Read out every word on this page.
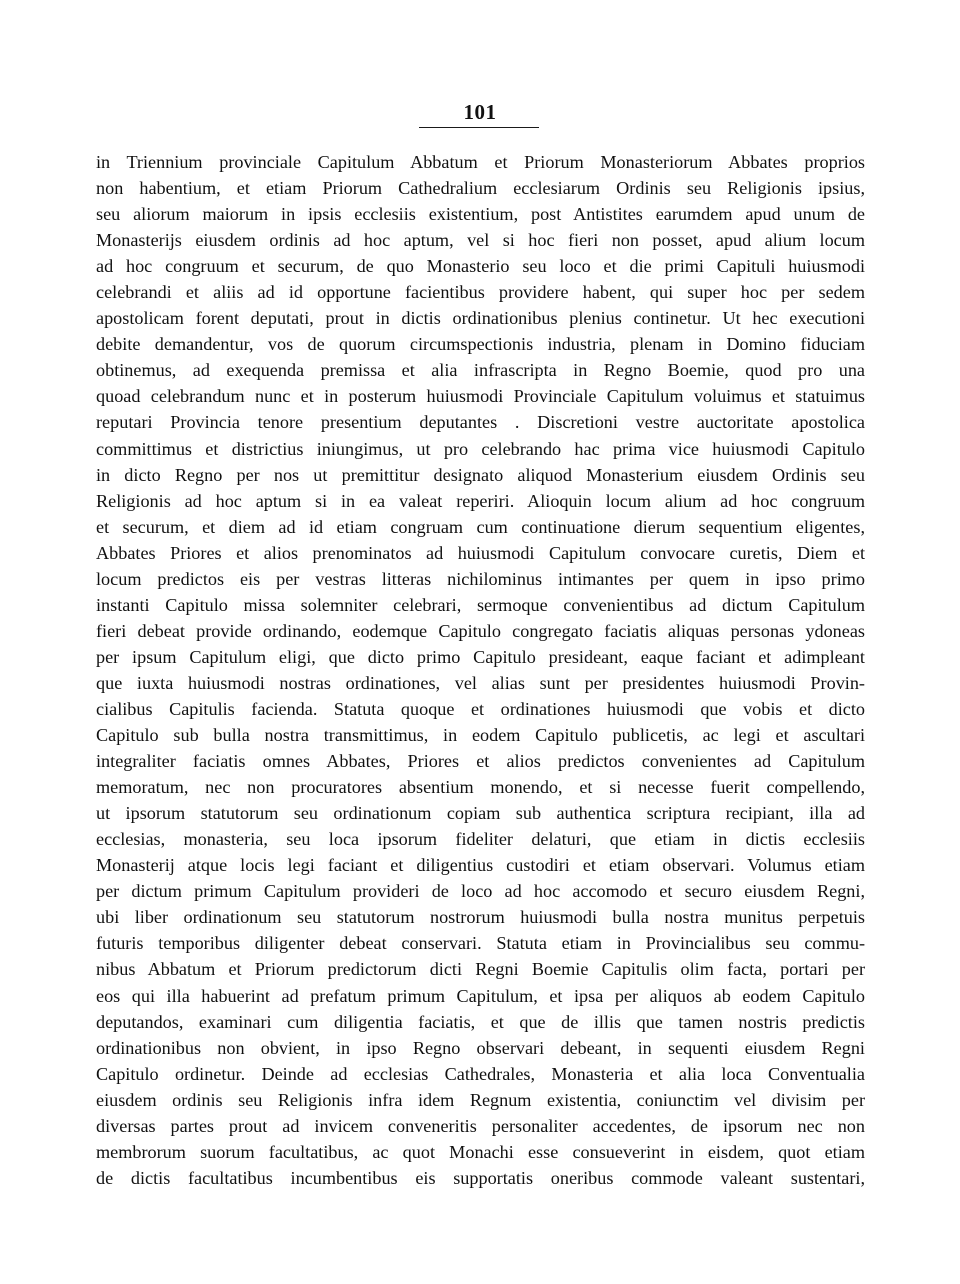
101
in Triennium provinciale Capitulum Abbatum et Priorum Monasteriorum Abbates proprios
non habentium, et etiam Priorum Cathedralium ecclesiarum Ordinis seu Religionis ipsius,
seu aliorum maiorum in ipsis ecclesiis existentium, post Antistites earumdem apud unum de
Monasterijs eiusdem ordinis ad hoc aptum, vel si hoc fieri non posset, apud alium locum
ad hoc congruum et securum, de quo Monasterio seu loco et die primi Capituli huiusmodi
celebrandi et aliis ad id opportune facientibus providere habent, qui super hoc per sedem
apostolicam forent deputati, prout in dictis ordinationibus plenius continetur. Ut hec executioni
debite demandentur, vos de quorum circumspectionis industria, plenam in Domino fiduciam
obtinemus, ad exequenda premissa et alia infrascripta in Regno Boemie, quod pro una
quoad celebrandum nunc et in posterum huiusmodi Provinciale Capitulum voluimus et statuimus
reputari Provincia tenore presentium deputantes . Discretioni vestre auctoritate apostolica
committimus et districtius iniungimus, ut pro celebrando hac prima vice huiusmodi Capitulo
in dicto Regno per nos ut premittitur designato aliquod Monasterium eiusdem Ordinis seu
Religionis ad hoc aptum si in ea valeat reperiri. Alioquin locum alium ad hoc congruum
et securum, et diem ad id etiam congruam cum continuatione dierum sequentium eligentes,
Abbates Priores et alios prenominatos ad huiusmodi Capitulum convocare curetis, Diem et
locum predictos eis per vestras litteras nichilominus intimantes per quem in ipso primo
instanti Capitulo missa solemniter celebrari, sermoque convenientibus ad dictum Capitulum
fieri debeat provide ordinando, eodemque Capitulo congregato faciatis aliquas personas ydoneas
per ipsum Capitulum eligi, que dicto primo Capitulo presideant, eaque faciant et adimpleant
que iuxta huiusmodi nostras ordinationes, vel alias sunt per presidentes huiusmodi Provin-
cialibus Capitulis facienda. Statuta quoque et ordinationes huiusmodi que vobis et dicto
Capitulo sub bulla nostra transmittimus, in eodem Capitulo publicetis, ac legi et ascultari
integraliter faciatis omnes Abbates, Priores et alios predictos convenientes ad Capitulum
memoratum, nec non procuratores absentium monendo, et si necesse fuerit compellendo,
ut ipsorum statutorum seu ordinationum copiam sub authentica scriptura recipiant, illa ad
ecclesias, monasteria, seu loca ipsorum fideliter delaturi, que etiam in dictis ecclesiis
Monasterij atque locis legi faciant et diligentius custodiri et etiam observari. Volumus etiam
per dictum primum Capitulum provideri de loco ad hoc accomodo et securo eiusdem Regni,
ubi liber ordinationum seu statutorum nostrorum huiusmodi bulla nostra munitus perpetuis
futuris temporibus diligenter debeat conservari. Statuta etiam in Provincialibus seu commu-
nibus Abbatum et Priorum predictorum dicti Regni Boemie Capitulis olim facta, portari per
eos qui illa habuerint ad prefatum primum Capitulum, et ipsa per aliquos ab eodem Capitulo
deputandos, examinari cum diligentia faciatis, et que de illis que tamen nostris predictis
ordinationibus non obvient, in ipso Regno observari debeant, in sequenti eiusdem Regni
Capitulo ordinetur. Deinde ad ecclesias Cathedrales, Monasteria et alia loca Conventualia
eiusdem ordinis seu Religionis infra idem Regnum existentia, coniunctim vel divisim per
diversas partes prout ad invicem conveneritis personaliter accedentes, de ipsorum nec non
membrorum suorum facultatibus, ac quot Monachi esse consueverint in eisdem, quot etiam
de dictis facultatibus incumbentibus eis supportatis oneribus commode valeant sustentari,
